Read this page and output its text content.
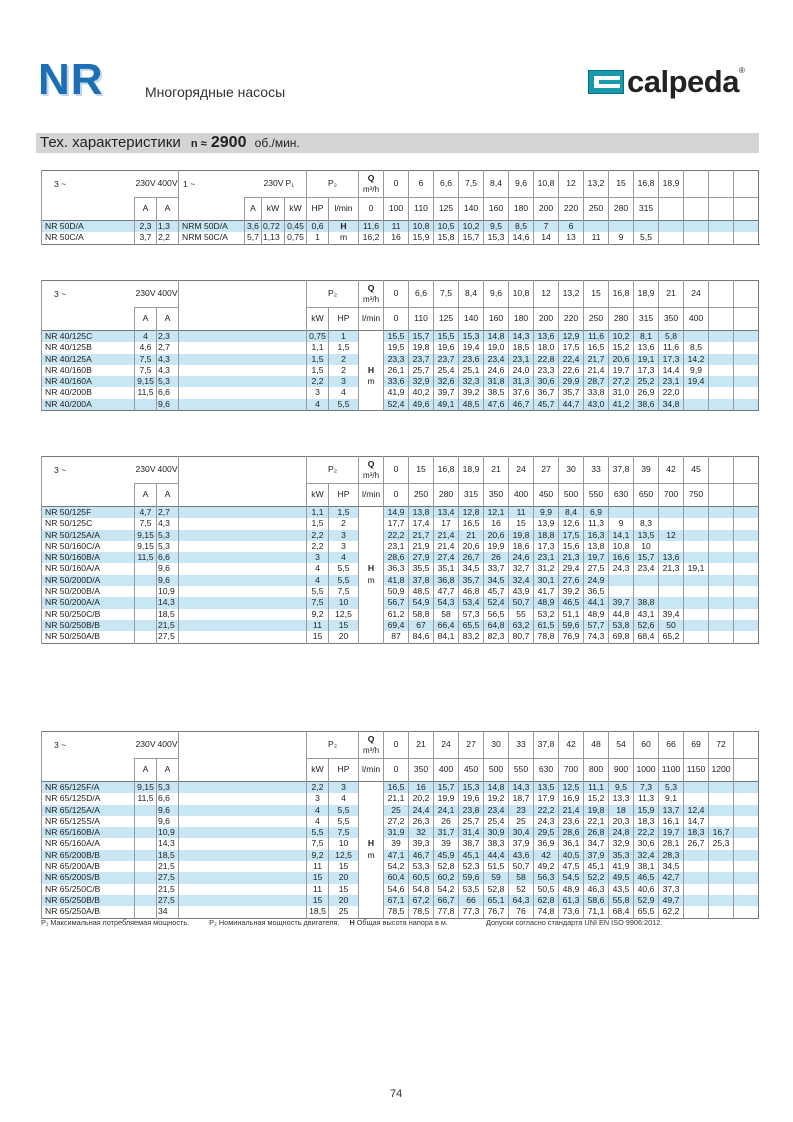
NR	Многорядные насосы	calpeda ®
Тех. характеристики n ≈ 2900 об./мин.
3 ~	230V	400V	1 ~	230V		P₁	P₂		Q
m³/h	0	6	6,6	7,5	8,4	9,6	10,8	12	13,2	15	16,8	18,9				
	A	A		A	kW	kW	HP	l/min	0	100	110	125	140	160	180	200	220	250	280	315					
NR 50D/A	2,3	1,3	NRM 50D/A	3,6	0,72	0,45	0,6	H	11,6	11	10,8	10,5	10,2	9,5	8,5	7	6								
NR 50C/A	3,7	2,2	NRM 50C/A	5,7	1,13	0,75	1	m	16,2	16	15,9	15,8	15,7	15,3	14,6	14	13	11	9	5,5					
3 ~	230V	400V			P₂		Q
m³/h	0	6,6	7,5	8,4	9,6	10,8	12	13,2	15	16,8	18,9	21	24			
	A	A			kW	HP	l/min	0	110	125	140	160	180	200	220	250	280	315	350	400			
NR 40/125C	4	2,3			0,75	1		15,5	15,7	15,5	15,3	14,8	14,3	13,6	12,9	11,6	10,2	8,1	5,8				
NR 40/125B	4,6	2,7			1,1	1,5		19,5	19,8	19,6	19,4	19,0	18,5	18,0	17,5	16,5	15,2	13,6	11,6	8,5			
NR 40/125A	7,5	4,3			1,5	2		23,3	23,7	23,7	23,6	23,4	23,1	22,8	22,4	21,7	20,6	19,1	17,3	14,2			
NR 40/160B	7,5	4,3			1,5	2	H	26,1	25,7	25,4	25,1	24,6	24,0	23,3	22,6	21,4	19,7	17,3	14,4	9,9			
NR 40/160A	9,15	5,3			2,2	3	m	33,6	32,9	32,6	32,3	31,8	31,3	30,6	29,9	28,7	27,2	25,2	23,1	19,4			
NR 40/200B	11,5	6,6			3	4		41,9	40,2	39,7	39,2	38,5	37,6	36,7	35,7	33,8	31,0	26,9	22,0				
NR 40/200A		9,6			4	5,5		52,4	49,6	49,1	48,5	47,6	46,7	45,7	44,7	43,0	41,2	38,6	34,8				
3 ~	230V	400V			P₂		Q
m³/h	0	15	16,8	18,9	21	24	27	30	33	37,8	39	42	45			
	A	A			kW	HP	l/min	0	250	280	315	350	400	450	500	550	630	650	700	750			
NR 50/125F	4,7	2,7			1,1	1,5		14,9	13,8	13,4	12,8	12,1	11	9,9	8,4	6,9							
NR 50/125C	7,5	4,3			1,5	2		17,7	17,4	17	16,5	16	15	13,9	12,6	11,3	9	8,3					
NR 50/125A/A	9,15	5,3			2,2	3		22,2	21,7	21,4	21	20,6	19,8	18,8	17,5	16,3	14,1	13,5	12				
NR 50/160C/A	9,15	5,3			2,2	3		23,1	21,9	21,4	20,6	19,9	18,6	17,3	15,6	13,8	10,8	10					
NR 50/160B/A	11,5	6,6			3	4		28,6	27,9	27,4	26,7	26	24,6	23,1	21,3	19,7	16,6	15,7	13,6				
NR 50/160A/A		9,6			4	5,5	H	36,3	35,5	35,1	34,5	33,7	32,7	31,2	29,4	27,5	24,3	23,4	21,3	19,1			
NR 50/200D/A		9,6			4	5,5	m	41,8	37,8	36,8	35,7	34,5	32,4	30,1	27,6	24,9							
NR 50/200B/A		10,9			5,5	7,5		50,9	48,5	47,7	46,8	45,7	43,9	41,7	39,2	36,5							
NR 50/200A/A		14,3			7,5	10		56,7	54,9	54,3	53,4	52,4	50,7	48,9	46,5	44,1	39,7	38,8					
NR 50/250C/B		18,5			9,2	12,5		61,2	58,8	58	57,3	56,5	55	53,2	51,1	48,9	44,8	43,1	39,4				
NR 50/250B/B		21,5			11	15		69,4	67	66,4	65,5	64,8	63,2	61,5	59,6	57,7	53,8	52,6	50				
NR 50/250A/B		27,5			15	20		87	84,6	84,1	83,2	82,3	80,7	78,8	76,9	74,3	69,8	68,4	65,2				
3 ~	230V	400V			P₂		Q
m³/h	0	21	24	27	30	33	37,8	42	48	54	60	66	69	72		
	A	A			kW	HP	l/min	0	350	400	450	500	550	630	700	800	900	1000	1100	1150	1200		
NR 65/125F/A	9,15	5,3			2,2	3		16,5	16	15,7	15,3	14,8	14,3	13,5	12,5	11,1	9,5	7,3	5,3				
NR 65/125D/A	11,5	6,6			3	4		21,1	20,2	19,9	19,6	19,2	18,7	17,9	16,9	15,2	13,3	11,3	9,1				
NR 65/125A/A		9,6			4	5,5		25	24,4	24,1	23,8	23,4	23	22,2	21,4	19,8	18	15,9	13,7	12,4			
NR 65/125S/A		9,6			4	5,5		27,2	26,3	26	25,7	25,4	25	24,3	23,6	22,1	20,3	18,3	16,1	14,7			
NR 65/160B/A		10,9			5,5	7,5		31,9	32	31,7	31,4	30,9	30,4	29,5	28,6	26,8	24,8	22,2	19,7	18,3	16,7		
NR 65/160A/A		14,3			7,5	10	H	39	39,3	39	38,7	38,3	37,9	36,9	36,1	34,7	32,9	30,6	28,1	26,7	25,3		
NR 65/200B/B		18,5			9,2	12,5	m	47,1	46,7	45,9	45,1	44,4	43,6	42	40,5	37,9	35,3	32,4	28,3				
NR 65/200A/B		21,5			11	15		54,2	53,3	52,8	52,3	51,5	50,7	49,2	47,5	45,1	41,9	38,1	34,5				
NR 65/200S/B		27,5			15	20		60,4	60,5	60,2	59,6	59	58	56,3	54,5	52,2	49,5	46,5	42,7				
NR 65/250C/B		21,5			11	15		54,6	54,8	54,2	53,5	52,8	52	50,5	48,9	46,3	43,5	40,6	37,3				
NR 65/250B/B		27,5			15	20		67,1	67,2	66,7	66	65,1	64,3	62,8	61,3	58,6	55,8	52,9	49,7				
NR 65/250A/B		34			18,5	25		78,5	78,5	77,8	77,3	76,7	76	74,8	73,6	71,1	68,4	65,5	62,2				
P₁ Максимальная потребляемая мощность.	P₂ Номинальная мощность двигателя. H Общая высота напора в м.	Допуски согласно стандарта UNI EN ISO 9906:2012.
74
